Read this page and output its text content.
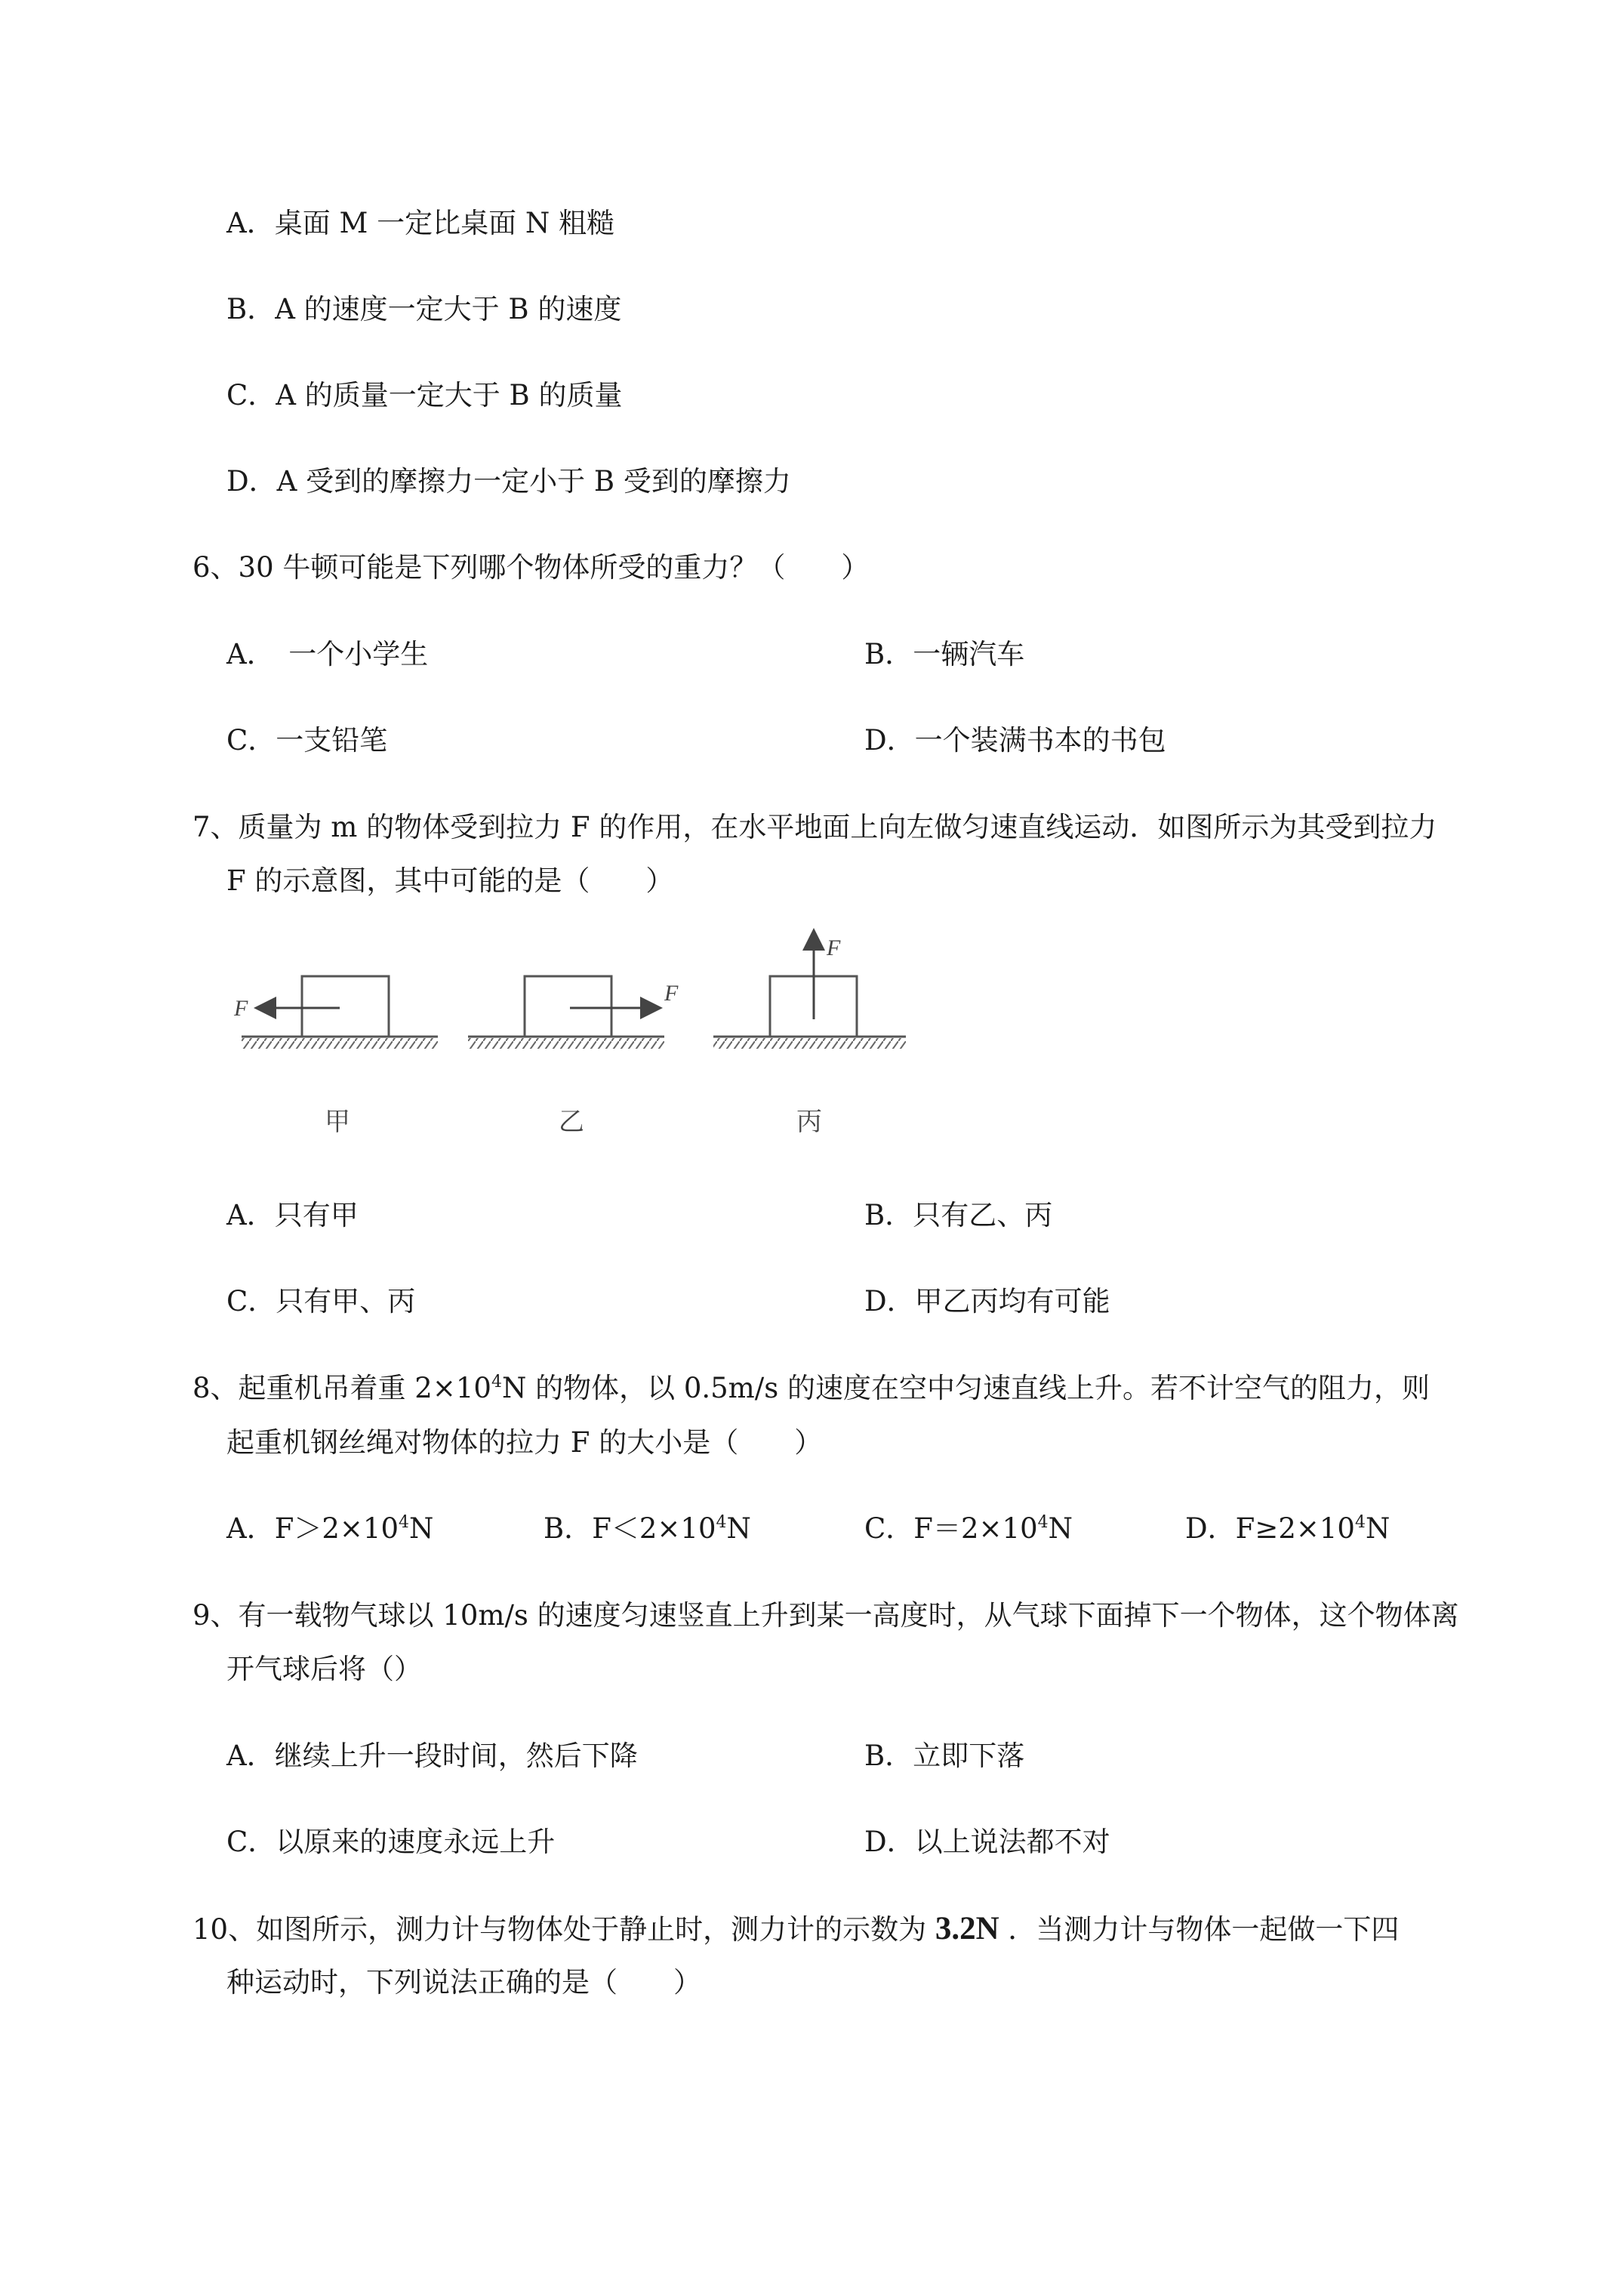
A．桌面 M 一定比桌面 N 粗糙
B．A 的速度一定大于 B 的速度
C．A 的质量一定大于 B 的质量
D．A 受到的摩擦力一定小于 B 受到的摩擦力
6、30 牛顿可能是下列哪个物体所受的重力？（　　）
A．　一个小学生	B．一辆汽车
C．一支铅笔	D．一个装满书本的书包
7、质量为 m 的物体受到拉力 F 的作用，在水平地面上向左做匀速直线运动．如图所示为其受到拉力
F 的示意图，其中可能的是（　　）
F
甲
F
乙
F
丙
A．只有甲	B．只有乙、丙
C．只有甲、丙	D．甲乙丙均有可能
8、起重机吊着重 $2\times 10^4N$ 的物体，以 0.5m/s 的速度在空中匀速直线上升。若不计空气的阻力，则
起重机钢丝绳对物体的拉力 F 的大小是（　　）
A．$F>2\times 10^4N$	B．$F<2\times 10^4N$	C．$F=2\times 10^4N$	D．$F\ge 2\times 10^4N$
9、有一载物气球以 10m/s 的速度匀速竖直上升到某一高度时，从气球下面掉下一个物体，这个物体离
开气球后将（）
A．继续上升一段时间，然后下降	B．立即下落
C．以原来的速度永远上升	D．以上说法都不对
10、如图所示，测力计与物体处于静止时，测力计的示数为 3.2N ．当测力计与物体一起做一下四
种运动时，下列说法正确的是（　　）
